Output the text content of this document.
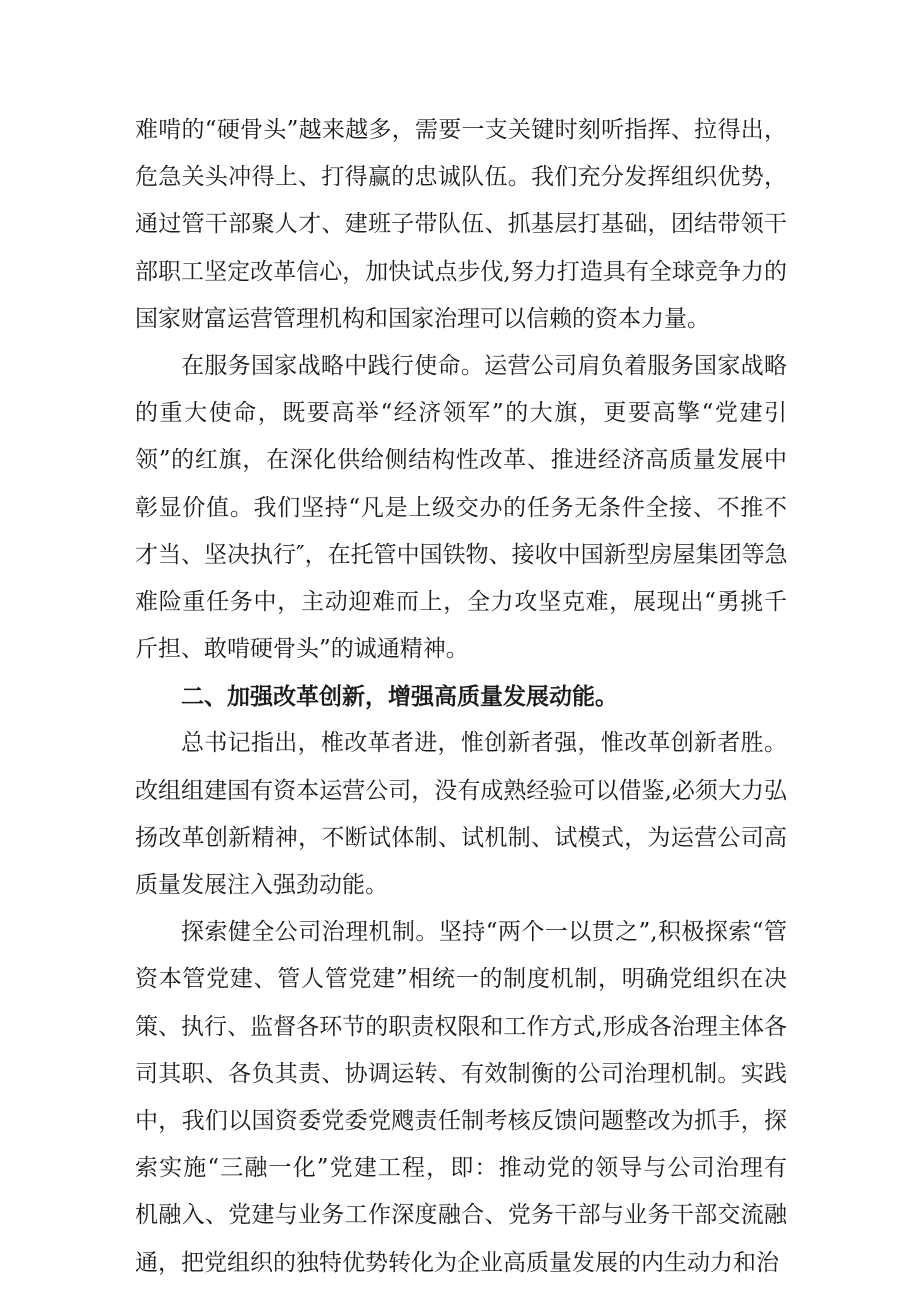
难啃的“硬骨头”越来越多，需要一支关键时刻听指挥、拉得出，
危急关头冲得上、打得赢的忠诚队伍。我们充分发挥组织优势，
通过管干部聚人才、建班子带队伍、抓基层打基础，团结带领干
部职工坚定改革信心，加快试点步伐,努力打造具有全球竞争力的
国家财富运营管理机构和国家治理可以信赖的资本力量。
在服务国家战略中践行使命。运营公司肩负着服务国家战略
的重大使命，既要高举“经济领军”的大旗，更要高擎“党建引
领”的红旗，在深化供给侧结构性改革、推进经济高质量发展中
彰显价值。我们坚持“凡是上级交办的任务无条件全接、不推不
才当、坚决执行″，在托管中国铁物、接收中国新型房屋集团等急
难险重任务中，主动迎难而上，全力攻坚克难，展现出“勇挑千
斤担、敢啃硬骨头”的诚通精神。
二、加强改革创新，增强高质量发展动能。
总书记指出，椎改革者进，惟创新者强，惟改革创新者胜。
改组组建国有资本运营公司，没有成熟经验可以借鉴,必须大力弘
扬改革创新精神，不断试体制、试机制、试模式，为运营公司高
质量发展注入强劲动能。
探索健全公司治理机制。坚持“两个一以贯之”,积极探索“管
资本管党建、管人管党建”相统一的制度机制，明确党组织在决
策、执行、监督各环节的职责权限和工作方式,形成各治理主体各
司其职、各负其责、协调运转、有效制衡的公司治理机制。实践
中，我们以国资委党委党飕责任制考核反馈问题整改为抓手，探
索实施“三融一化”党建工程，即：推动党的领导与公司治理有
机融入、党建与业务工作深度融合、党务干部与业务干部交流融
通，把党组织的独特优势转化为企业高质量发展的内生动力和治
